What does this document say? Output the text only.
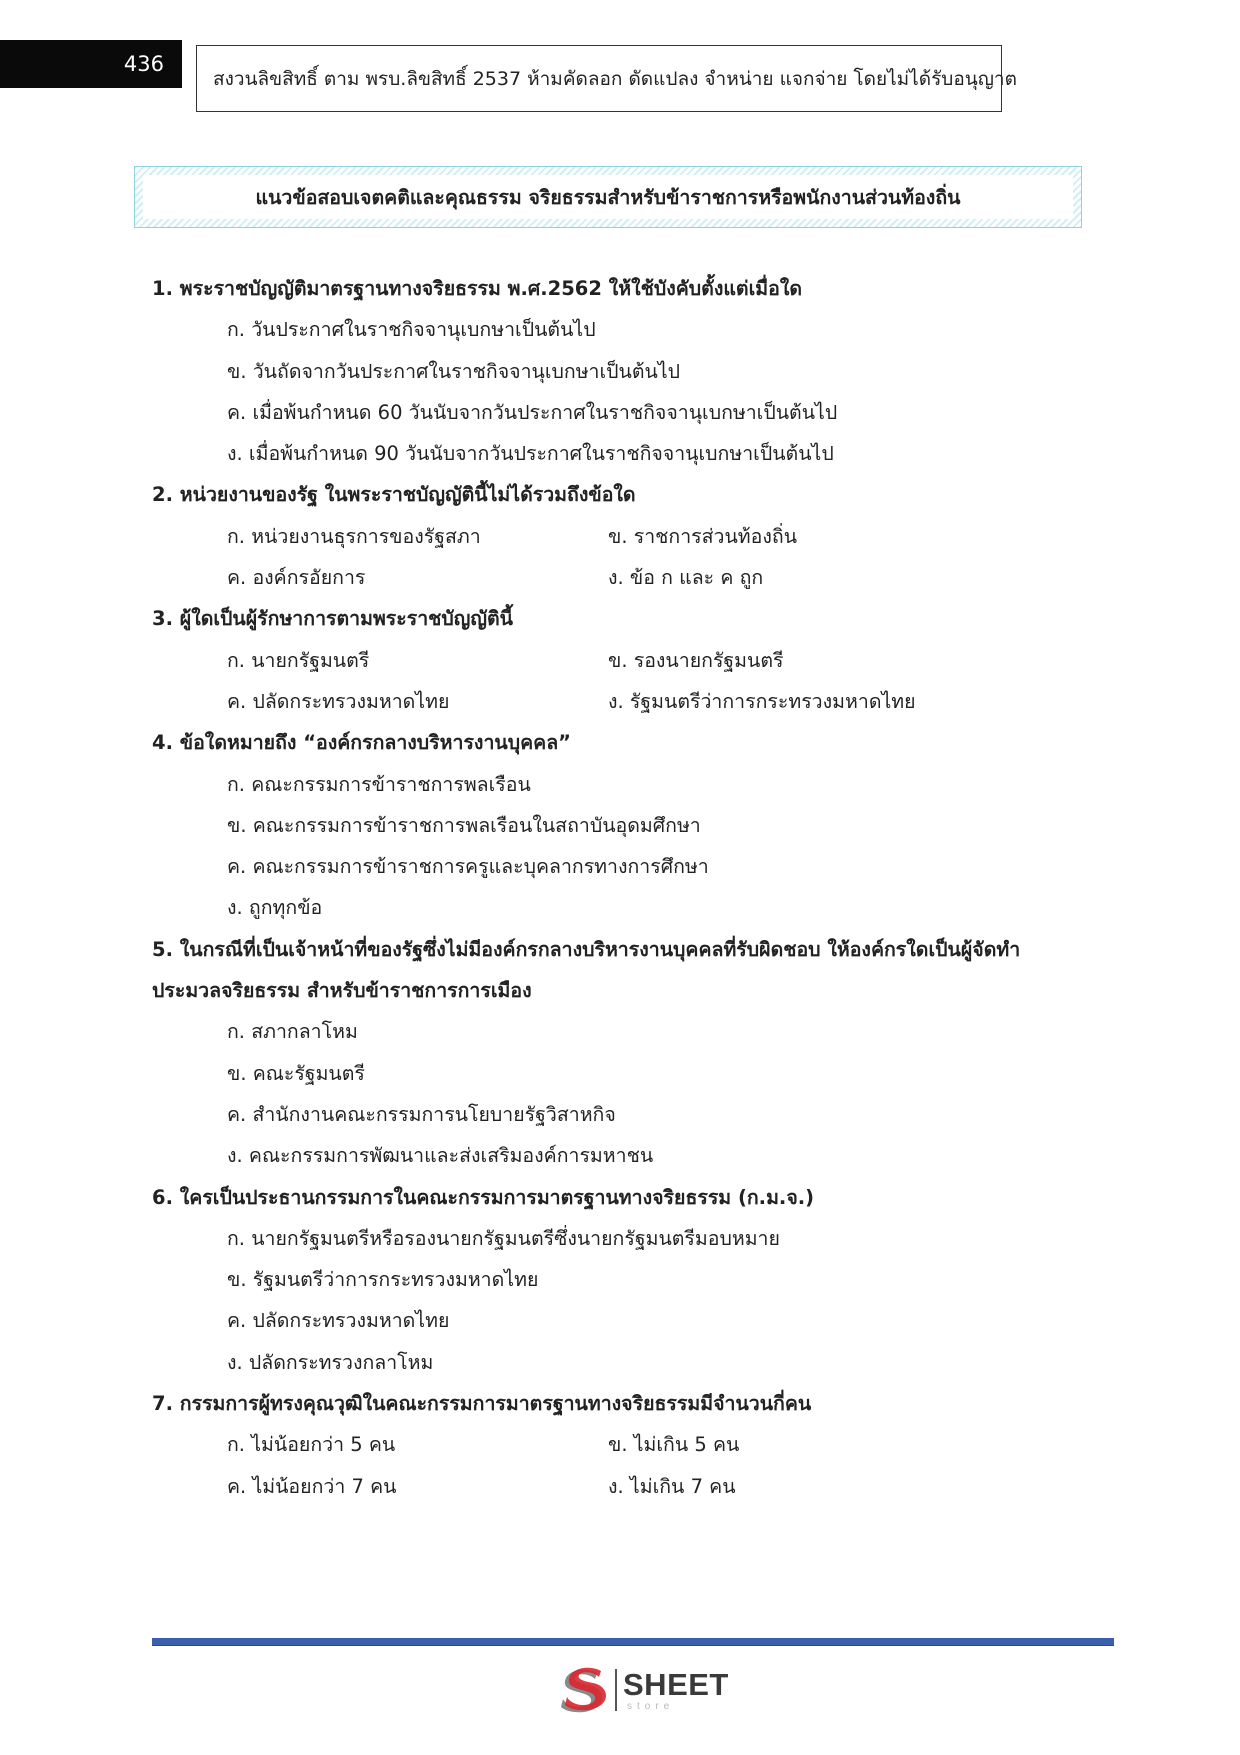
436
สงวนลิขสิทธิ์ ตาม พรบ.ลิขสิทธิ์ 2537 ห้ามคัดลอก ดัดแปลง จำหน่าย แจกจ่าย โดยไม่ได้รับอนุญาต
แนวข้อสอบเจตคติและคุณธรรม จริยธรรมสำหรับข้าราชการหรือพนักงานส่วนท้องถิ่น
1. พระราชบัญญัติมาตรฐานทางจริยธรรม พ.ศ.2562 ให้ใช้บังคับตั้งแต่เมื่อใด
ก. วันประกาศในราชกิจจานุเบกษาเป็นต้นไป
ข. วันถัดจากวันประกาศในราชกิจจานุเบกษาเป็นต้นไป
ค. เมื่อพ้นกำหนด 60 วันนับจากวันประกาศในราชกิจจานุเบกษาเป็นต้นไป
ง. เมื่อพ้นกำหนด 90 วันนับจากวันประกาศในราชกิจจานุเบกษาเป็นต้นไป
2. หน่วยงานของรัฐ ในพระราชบัญญัตินี้ไม่ได้รวมถึงข้อใด
ก. หน่วยงานธุรการของรัฐสภา	ข. ราชการส่วนท้องถิ่น
ค. องค์กรอัยการ	ง. ข้อ ก และ ค ถูก
3. ผู้ใดเป็นผู้รักษาการตามพระราชบัญญัตินี้
ก. นายกรัฐมนตรี	ข. รองนายกรัฐมนตรี
ค. ปลัดกระทรวงมหาดไทย	ง. รัฐมนตรีว่าการกระทรวงมหาดไทย
4. ข้อใดหมายถึง “องค์กรกลางบริหารงานบุคคล”
ก. คณะกรรมการข้าราชการพลเรือน
ข. คณะกรรมการข้าราชการพลเรือนในสถาบันอุดมศึกษา
ค. คณะกรรมการข้าราชการครูและบุคลากรทางการศึกษา
ง. ถูกทุกข้อ
5. ในกรณีที่เป็นเจ้าหน้าที่ของรัฐซึ่งไม่มีองค์กรกลางบริหารงานบุคคลที่รับผิดชอบ ให้องค์กรใดเป็นผู้จัดทำ
ประมวลจริยธรรม สำหรับข้าราชการการเมือง
ก. สภากลาโหม
ข. คณะรัฐมนตรี
ค. สำนักงานคณะกรรมการนโยบายรัฐวิสาหกิจ
ง. คณะกรรมการพัฒนาและส่งเสริมองค์การมหาชน
6. ใครเป็นประธานกรรมการในคณะกรรมการมาตรฐานทางจริยธรรม (ก.ม.จ.)
ก. นายกรัฐมนตรีหรือรองนายกรัฐมนตรีซึ่งนายกรัฐมนตรีมอบหมาย
ข. รัฐมนตรีว่าการกระทรวงมหาดไทย
ค. ปลัดกระทรวงมหาดไทย
ง. ปลัดกระทรวงกลาโหม
7. กรรมการผู้ทรงคุณวุฒิในคณะกรรมการมาตรฐานทางจริยธรรมมีจำนวนกี่คน
ก. ไม่น้อยกว่า 5 คน	ข. ไม่เกิน 5 คน
ค. ไม่น้อยกว่า 7 คน	ง. ไม่เกิน 7 คน
SHEET
store
